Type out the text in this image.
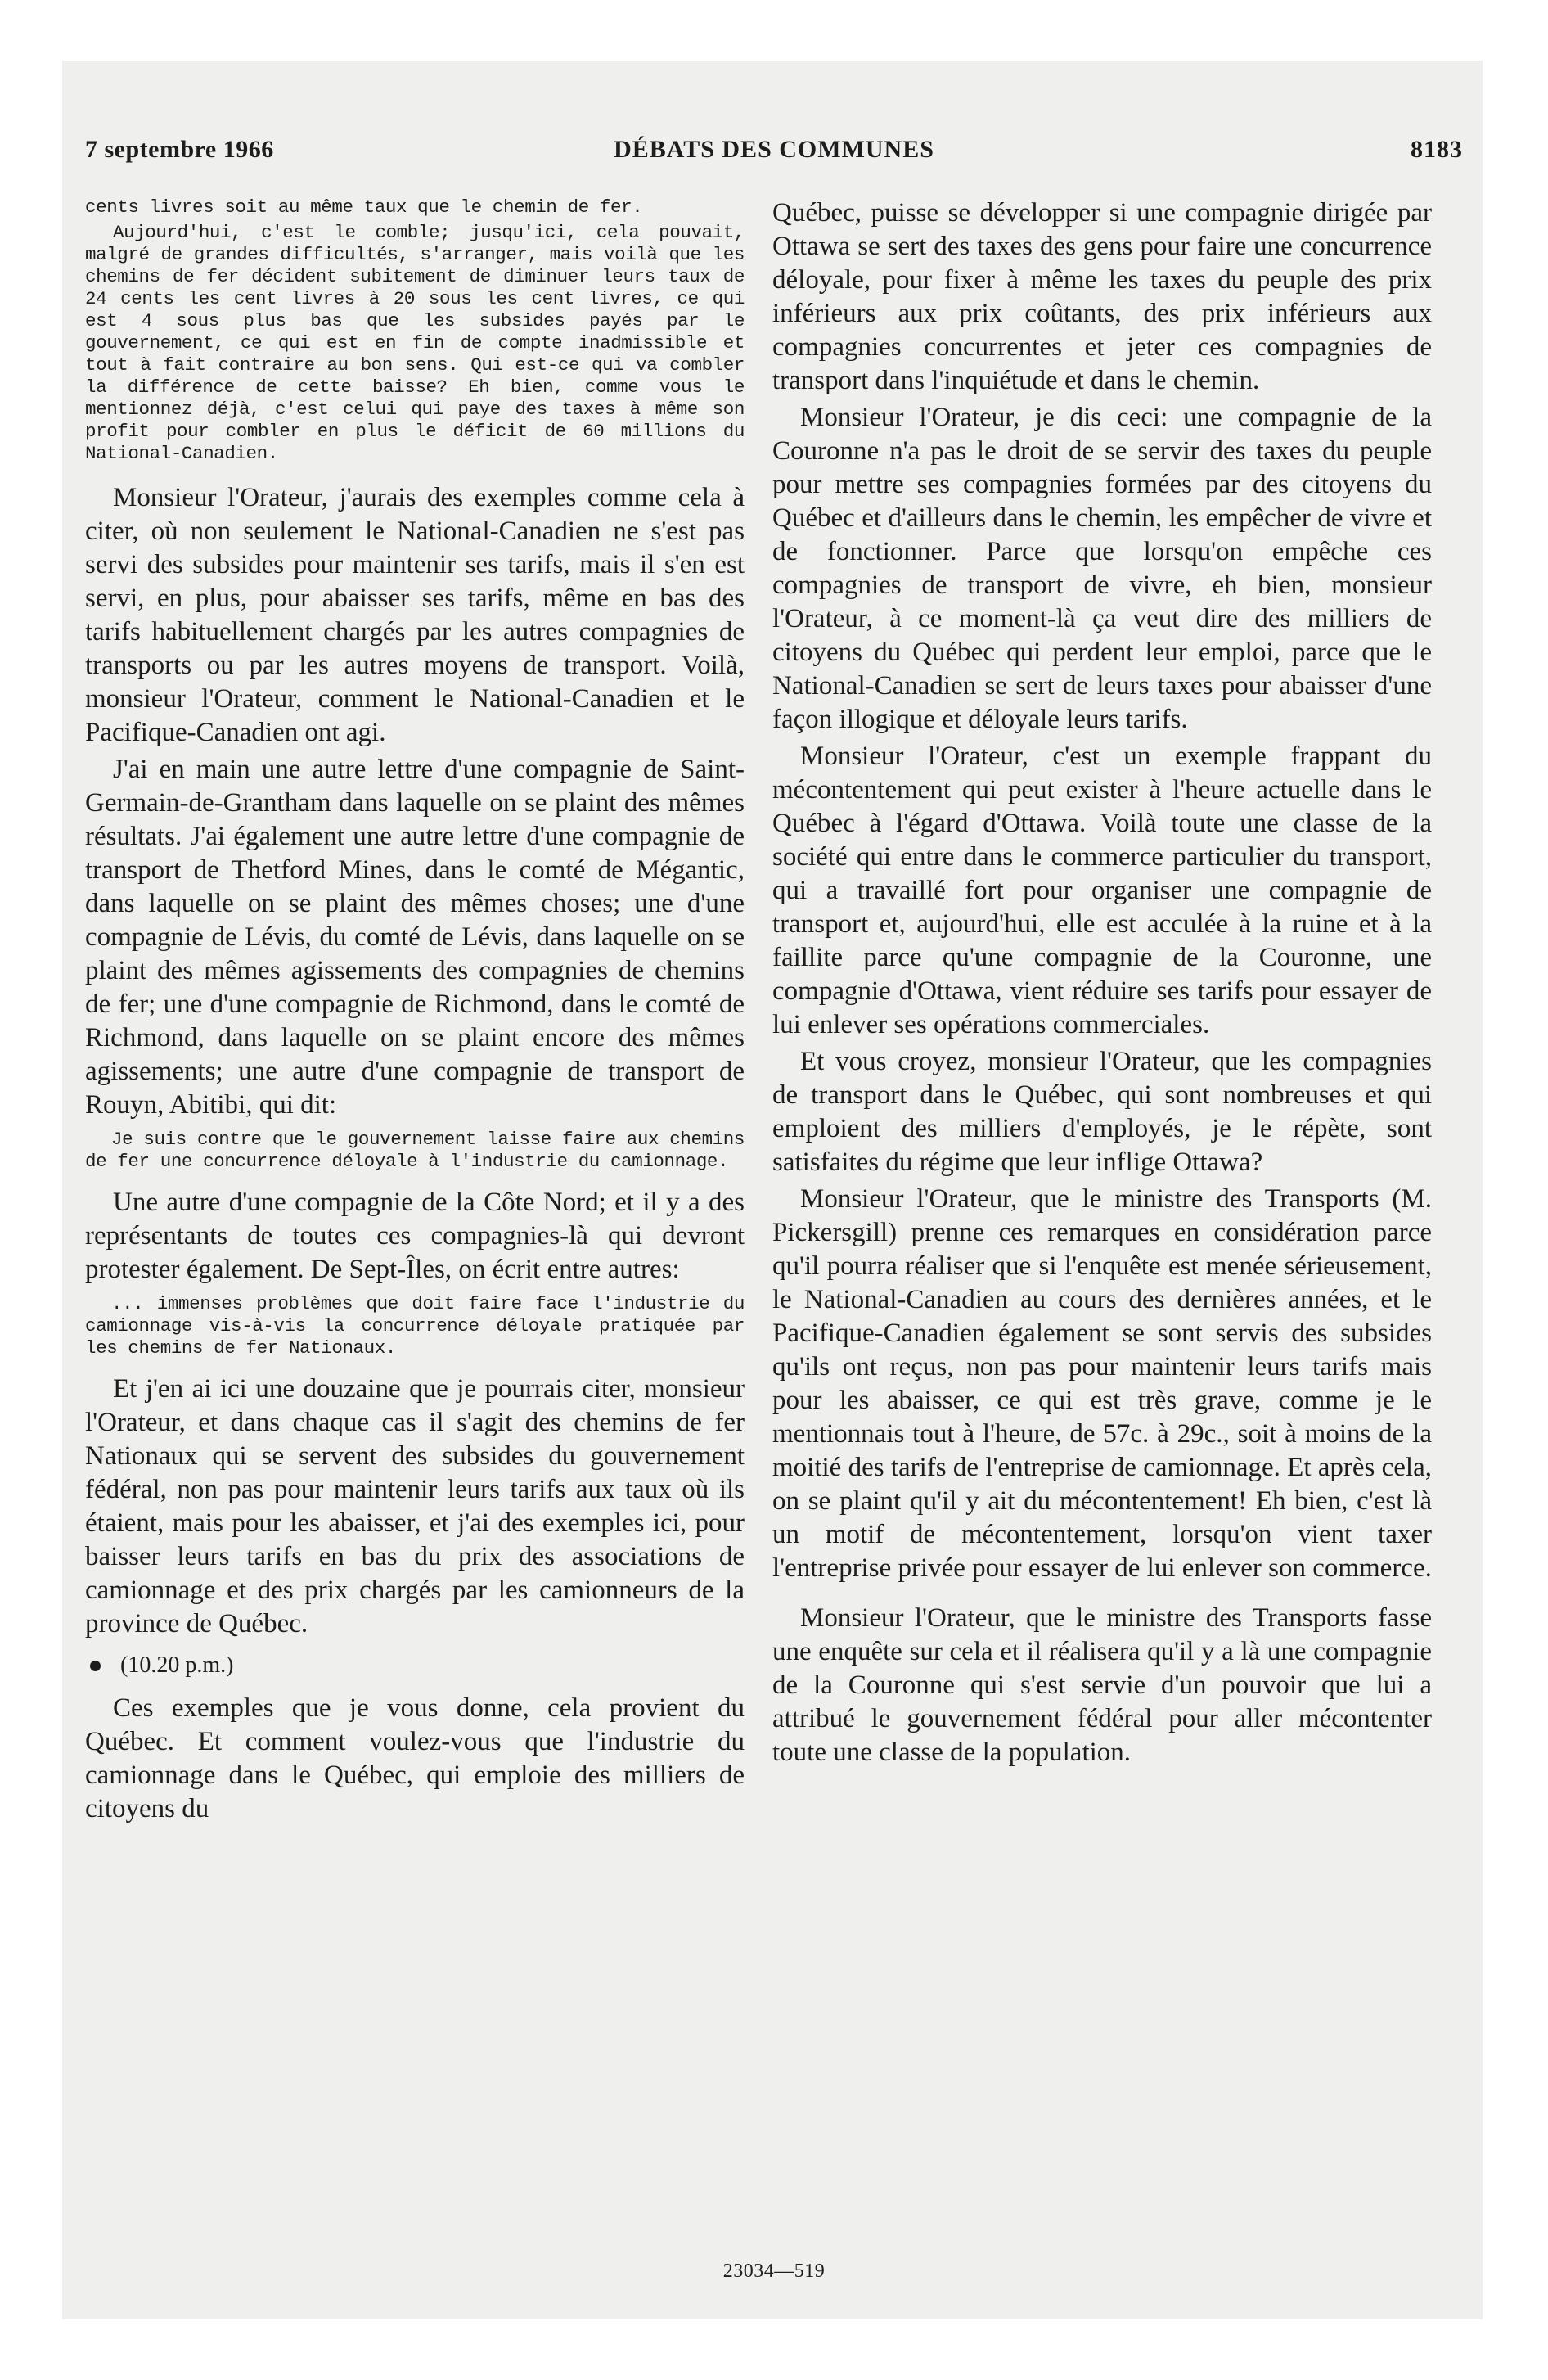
7 septembre 1966	DÉBATS DES COMMUNES	8183

cents livres soit au même taux que le chemin de fer.

Aujourd'hui, c'est le comble; jusqu'ici, cela pouvait, malgré de grandes difficultés, s'arranger, mais voilà que les chemins de fer décident subitement de diminuer leurs taux de 24 cents les cent livres à 20 sous les cent livres, ce qui est 4 sous plus bas que les subsides payés par le gouvernement, ce qui est en fin de compte inadmissible et tout à fait contraire au bon sens. Qui est-ce qui va combler la différence de cette baisse? Eh bien, comme vous le mentionnez déjà, c'est celui qui paye des taxes à même son profit pour combler en plus le déficit de 60 millions du National-Canadien.

Monsieur l'Orateur, j'aurais des exemples comme cela à citer, où non seulement le National-Canadien ne s'est pas servi des subsides pour maintenir ses tarifs, mais il s'en est servi, en plus, pour abaisser ses tarifs, même en bas des tarifs habituellement chargés par les autres compagnies de transports ou par les autres moyens de transport. Voilà, monsieur l'Orateur, comment le National-Canadien et le Pacifique-Canadien ont agi.

J'ai en main une autre lettre d'une compagnie de Saint-Germain-de-Grantham dans laquelle on se plaint des mêmes résultats. J'ai également une autre lettre d'une compagnie de transport de Thetford Mines, dans le comté de Mégantic, dans laquelle on se plaint des mêmes choses; une d'une compagnie de Lévis, du comté de Lévis, dans laquelle on se plaint des mêmes agissements des compagnies de chemins de fer; une d'une compagnie de Richmond, dans le comté de Richmond, dans laquelle on se plaint encore des mêmes agissements; une autre d'une compagnie de transport de Rouyn, Abitibi, qui dit:

Je suis contre que le gouvernement laisse faire aux chemins de fer une concurrence déloyale à l'industrie du camionnage.

Une autre d'une compagnie de la Côte Nord; et il y a des représentants de toutes ces compagnies-là qui devront protester également. De Sept-Îles, on écrit entre autres:

... immenses problèmes que doit faire face l'industrie du camionnage vis-à-vis la concurrence déloyale pratiquée par les chemins de fer Nationaux.

Et j'en ai ici une douzaine que je pourrais citer, monsieur l'Orateur, et dans chaque cas il s'agit des chemins de fer Nationaux qui se servent des subsides du gouvernement fédéral, non pas pour maintenir leurs tarifs aux taux où ils étaient, mais pour les abaisser, et j'ai des exemples ici, pour baisser leurs tarifs en bas du prix des associations de camionnage et des prix chargés par les camionneurs de la province de Québec.

(10.20 p.m.)

Ces exemples que je vous donne, cela provient du Québec. Et comment voulez-vous que l'industrie du camionnage dans le Québec, qui emploie des milliers de citoyens du

Québec, puisse se développer si une compagnie dirigée par Ottawa se sert des taxes des gens pour faire une concurrence déloyale, pour fixer à même les taxes du peuple des prix inférieurs aux prix coûtants, des prix inférieurs aux compagnies concurrentes et jeter ces compagnies de transport dans l'inquiétude et dans le chemin.

Monsieur l'Orateur, je dis ceci: une compagnie de la Couronne n'a pas le droit de se servir des taxes du peuple pour mettre ses compagnies formées par des citoyens du Québec et d'ailleurs dans le chemin, les empêcher de vivre et de fonctionner. Parce que lorsqu'on empêche ces compagnies de transport de vivre, eh bien, monsieur l'Orateur, à ce moment-là ça veut dire des milliers de citoyens du Québec qui perdent leur emploi, parce que le National-Canadien se sert de leurs taxes pour abaisser d'une façon illogique et déloyale leurs tarifs.

Monsieur l'Orateur, c'est un exemple frappant du mécontentement qui peut exister à l'heure actuelle dans le Québec à l'égard d'Ottawa. Voilà toute une classe de la société qui entre dans le commerce particulier du transport, qui a travaillé fort pour organiser une compagnie de transport et, aujourd'hui, elle est acculée à la ruine et à la faillite parce qu'une compagnie de la Couronne, une compagnie d'Ottawa, vient réduire ses tarifs pour essayer de lui enlever ses opérations commerciales.

Et vous croyez, monsieur l'Orateur, que les compagnies de transport dans le Québec, qui sont nombreuses et qui emploient des milliers d'employés, je le répète, sont satisfaites du régime que leur inflige Ottawa?

Monsieur l'Orateur, que le ministre des Transports (M. Pickersgill) prenne ces remarques en considération parce qu'il pourra réaliser que si l'enquête est menée sérieusement, le National-Canadien au cours des dernières années, et le Pacifique-Canadien également se sont servis des subsides qu'ils ont reçus, non pas pour maintenir leurs tarifs mais pour les abaisser, ce qui est très grave, comme je le mentionnais tout à l'heure, de 57c. à 29c., soit à moins de la moitié des tarifs de l'entreprise de camionnage. Et après cela, on se plaint qu'il y ait du mécontentement! Eh bien, c'est là un motif de mécontentement, lorsqu'on vient taxer l'entreprise privée pour essayer de lui enlever son commerce.

Monsieur l'Orateur, que le ministre des Transports fasse une enquête sur cela et il réalisera qu'il y a là une compagnie de la Couronne qui s'est servie d'un pouvoir que lui a attribué le gouvernement fédéral pour aller mécontenter toute une classe de la population.

23034—519
